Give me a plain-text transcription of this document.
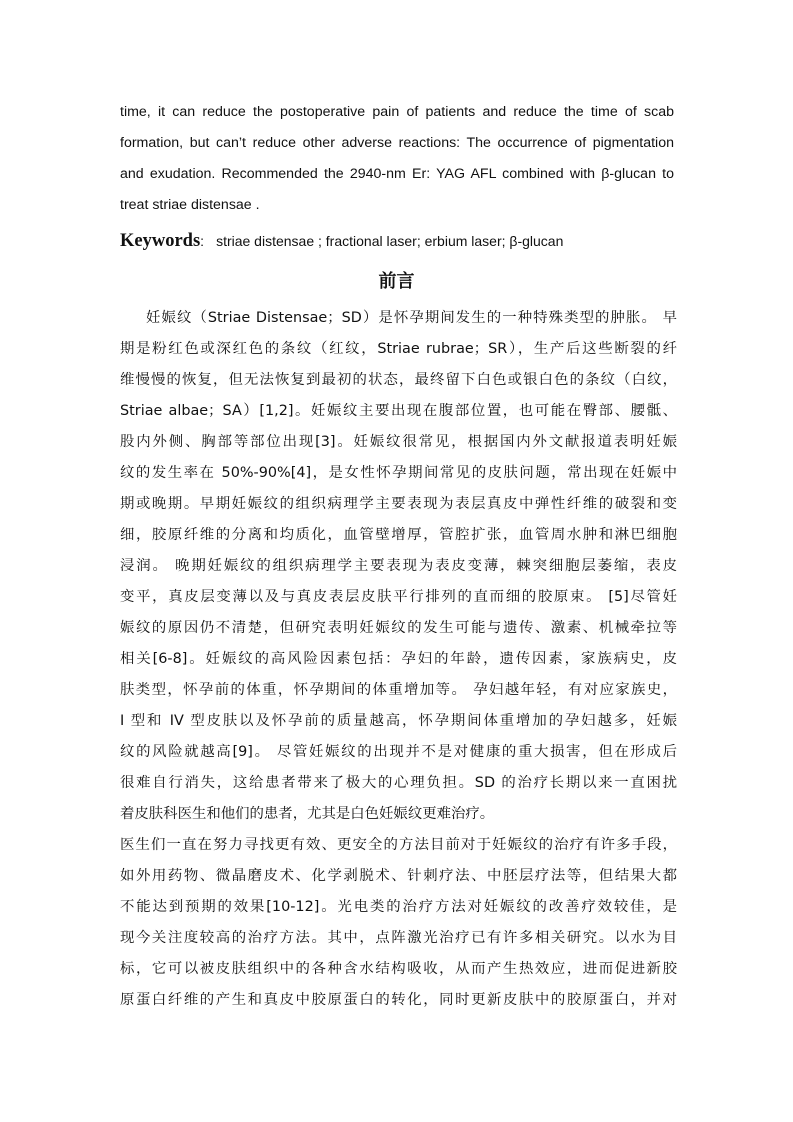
time, it can reduce the postoperative pain of patients and reduce the time of scab
formation, but can’t reduce other adverse reactions: The occurrence of pigmentation
and exudation. Recommended the 2940-nm Er: YAG AFL combined with β-glucan to
treat striae distensae .
Keywords: striae distensae ; fractional laser; erbium laser; β-glucan
前言
妊娠纹（Striae Distensae；SD）是怀孕期间发生的一种特殊类型的肿胀。 早
期是粉红色或深红色的条纹（红纹，Striae rubrae；SR），生产后这些断裂的纤
维慢慢的恢复，但无法恢复到最初的状态，最终留下白色或银白色的条纹（白纹，
Striae albae；SA）[1,2]。妊娠纹主要出现在腹部位置，也可能在臀部、腰骶、
股内外侧、胸部等部位出现[3]。妊娠纹很常见，根据国内外文献报道表明妊娠
纹的发生率在 50%-90%[4]，是女性怀孕期间常见的皮肤问题，常出现在妊娠中
期或晚期。早期妊娠纹的组织病理学主要表现为表层真皮中弹性纤维的破裂和变
细，胶原纤维的分离和均质化，血管壁增厚，管腔扩张，血管周水肿和淋巴细胞
浸润。 晚期妊娠纹的组织病理学主要表现为表皮变薄，棘突细胞层萎缩，表皮
变平，真皮层变薄以及与真皮表层皮肤平行排列的直而细的胶原束。 [5]尽管妊
娠纹的原因仍不清楚，但研究表明妊娠纹的发生可能与遗传、激素、机械牵拉等
相关[6-8]。妊娠纹的高风险因素包括：孕妇的年龄，遗传因素，家族病史，皮
肤类型，怀孕前的体重，怀孕期间的体重增加等。 孕妇越年轻，有对应家族史，
I 型和 IV 型皮肤以及怀孕前的质量越高，怀孕期间体重增加的孕妇越多，妊娠
纹的风险就越高[9]。 尽管妊娠纹的出现并不是对健康的重大损害，但在形成后
很难自行消失，这给患者带来了极大的心理负担。SD 的治疗长期以来一直困扰
着皮肤科医生和他们的患者，尤其是白色妊娠纹更难治疗。
医生们一直在努力寻找更有效、更安全的方法目前对于妊娠纹的治疗有许多手段，
如外用药物、微晶磨皮术、化学剥脱术、针刺疗法、中胚层疗法等，但结果大都
不能达到预期的效果[10-12]。光电类的治疗方法对妊娠纹的改善疗效较佳，是
现今关注度较高的治疗方法。其中，点阵激光治疗已有许多相关研究。以水为目
标，它可以被皮肤组织中的各种含水结构吸收，从而产生热效应，进而促进新胶
原蛋白纤维的产生和真皮中胶原蛋白的转化，同时更新皮肤中的胶原蛋白，并对
